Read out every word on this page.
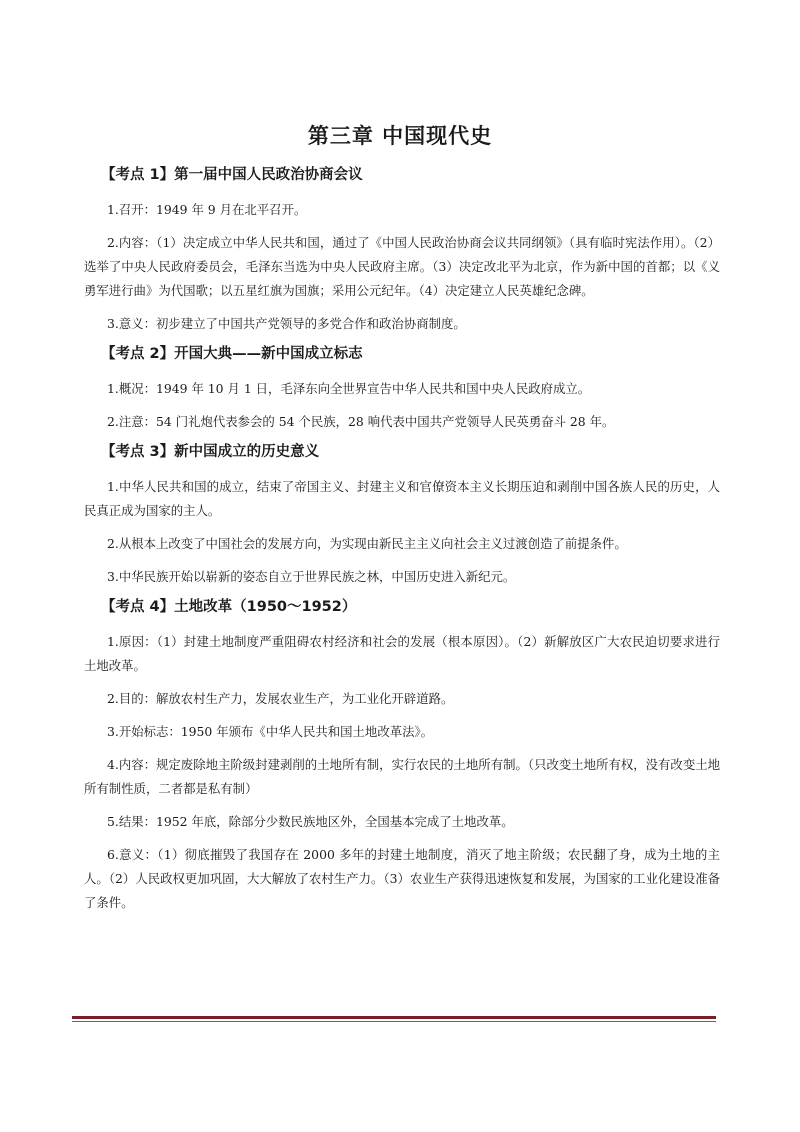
第三章 中国现代史
【考点 1】第一届中国人民政治协商会议

1.召开：1949 年 9 月在北平召开。

2.内容：（1）决定成立中华人民共和国，通过了《中国人民政治协商会议共同纲领》（具有临时宪法作用）。（2）选举了中央人民政府委员会，毛泽东当选为中央人民政府主席。（3）决定改北平为北京，作为新中国的首都；以《义勇军进行曲》为代国歌；以五星红旗为国旗；采用公元纪年。（4）决定建立人民英雄纪念碑。

3.意义：初步建立了中国共产党领导的多党合作和政治协商制度。

【考点 2】开国大典——新中国成立标志

1.概况：1949 年 10 月 1 日，毛泽东向全世界宣告中华人民共和国中央人民政府成立。

2.注意：54 门礼炮代表参会的 54 个民族，28 响代表中国共产党领导人民英勇奋斗 28 年。

【考点 3】新中国成立的历史意义

1.中华人民共和国的成立，结束了帝国主义、封建主义和官僚资本主义长期压迫和剥削中国各族人民的历史，人民真正成为国家的主人。

2.从根本上改变了中国社会的发展方向，为实现由新民主主义向社会主义过渡创造了前提条件。

3.中华民族开始以崭新的姿态自立于世界民族之林，中国历史进入新纪元。

【考点 4】土地改革（1950～1952）

1.原因：（1）封建土地制度严重阻碍农村经济和社会的发展（根本原因）。（2）新解放区广大农民迫切要求进行土地改革。

2.目的：解放农村生产力，发展农业生产，为工业化开辟道路。

3.开始标志：1950 年颁布《中华人民共和国土地改革法》。

4.内容：规定废除地主阶级封建剥削的土地所有制，实行农民的土地所有制。（只改变土地所有权，没有改变土地所有制性质，二者都是私有制）

5.结果：1952 年底，除部分少数民族地区外，全国基本完成了土地改革。

6.意义：（1）彻底摧毁了我国存在 2000 多年的封建土地制度，消灭了地主阶级；农民翻了身，成为土地的主人。（2）人民政权更加巩固，大大解放了农村生产力。（3）农业生产获得迅速恢复和发展，为国家的工业化建设准备了条件。
